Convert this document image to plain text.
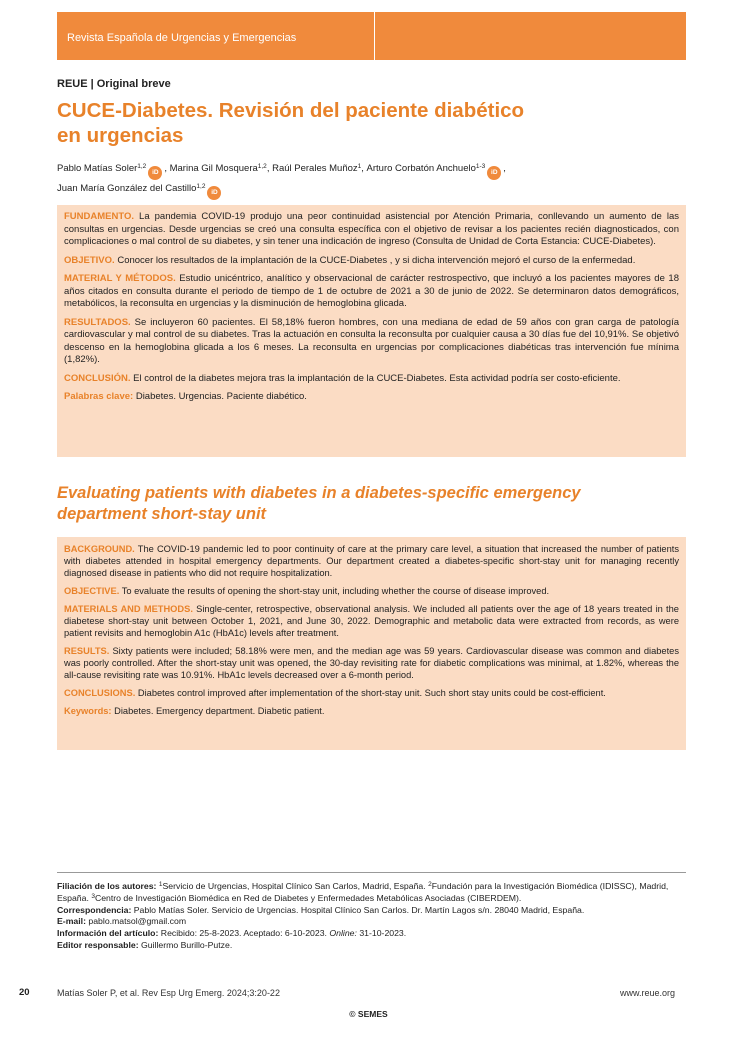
Revista Española de Urgencias y Emergencias
REUE | Original breve
CUCE-Diabetes. Revisión del paciente diabético
en urgencias
Pablo Matías Soler$^{1,2}$iD , Marina Gil Mosquera$^{1,2}$, Raúl Perales Muñoz$^1$, Arturo Corbatón Anchuelo$^{1-3}$iD ,
Juan María González del Castillo$^{1,2}$iD

FUNDAMENTO. La pandemia COVID-19 produjo una peor continuidad asistencial por Atención Primaria, conllevando un aumento de las consultas en urgencias. Desde urgencias se creó una consulta específica con el objetivo de revisar a los pacientes recién diagnosticados, con complicaciones o mal control de su diabetes, y sin tener una indicación de ingreso (Consulta de Unidad de Corta Estancia: CUCE-Diabetes).

OBJETIVO. Conocer los resultados de la implantación de la CUCE-Diabetes , y si dicha intervención mejoró el curso de la enfermedad.

MATERIAL Y MÉTODOS. Estudio unicéntrico, analítico y observacional de carácter restrospectivo, que incluyó a los pacientes mayores de 18 años citados en consulta durante el periodo de tiempo de 1 de octubre de 2021 a 30 de junio de 2022. Se determinaron datos demográficos, metabólicos, la reconsulta en urgencias y la disminución de hemoglobina glicada.

RESULTADOS. Se incluyeron 60 pacientes. El 58,18% fueron hombres, con una mediana de edad de 59 años con gran carga de patología cardiovascular y mal control de su diabetes. Tras la actuación en consulta la reconsulta por cualquier causa a 30 días fue del 10,91%. Se objetivó descenso en la hemoglobina glicada a los 6 meses. La reconsulta en urgencias por complicaciones diabéticas tras intervención fue mínima (1,82%).

CONCLUSIÓN. El control de la diabetes mejora tras la implantación de la CUCE-Diabetes. Esta actividad podría ser costo-eficiente.

Palabras clave: Diabetes. Urgencias. Paciente diabético.

Evaluating patients with diabetes in a diabetes-specific emergency
department short-stay unit

BACKGROUND. The COVID-19 pandemic led to poor continuity of care at the primary care level, a situation that increased the number of patients with diabetes attended in hospital emergency departments. Our department created a diabetes-specific short-stay unit for managing recently diagnosed disease in patients who did not require hospitalization.

OBJECTIVE. To evaluate the results of opening the short-stay unit, including whether the course of disease improved.

MATERIALS AND METHODS. Single-center, retrospective, observational analysis. We included all patients over the age of 18 years treated in the diabetese short-stay unit between October 1, 2021, and June 30, 2022. Demographic and metabolic data were extracted from records, as were patient revisits and hemoglobin A1c (HbA1c) levels after treatment.

RESULTS. Sixty patients were included; 58.18% were men, and the median age was 59 years. Cardiovascular disease was common and diabetes was poorly controlled. After the short-stay unit was opened, the 30-day revisiting rate for diabetic complications was minimal, at 1.82%, whereas the all-cause revisiting rate was 10.91%. HbA1c levels decreased over a 6-month period.

CONCLUSIONS. Diabetes control improved after implementation of the short-stay unit. Such short stay units could be cost-efficient.

Keywords: Diabetes. Emergency department. Diabetic patient.

Filiación de los autores: $^1$Servicio de Urgencias, Hospital Clínico San Carlos, Madrid, España. $^2$Fundación para la Investigación Biomédica (IDISSC), Madrid, España. $^3$Centro de Investigación Biomédica en Red de Diabetes y Enfermedades Metabólicas Asociadas (CIBERDEM).
Correspondencia: Pablo Matías Soler. Servicio de Urgencias. Hospital Clínico San Carlos. Dr. Martín Lagos s/n. 28040 Madrid, España.
E-mail: pablo.matsol@gmail.com
Información del artículo: Recibido: 25-8-2023. Aceptado: 6-10-2023. Online: 31-10-2023.
Editor responsable: Guillermo Burillo-Putze.
20	Matías Soler P, et al. Rev Esp Urg Emerg. 2024;3:20-22	www.reue.org
© SEMES
